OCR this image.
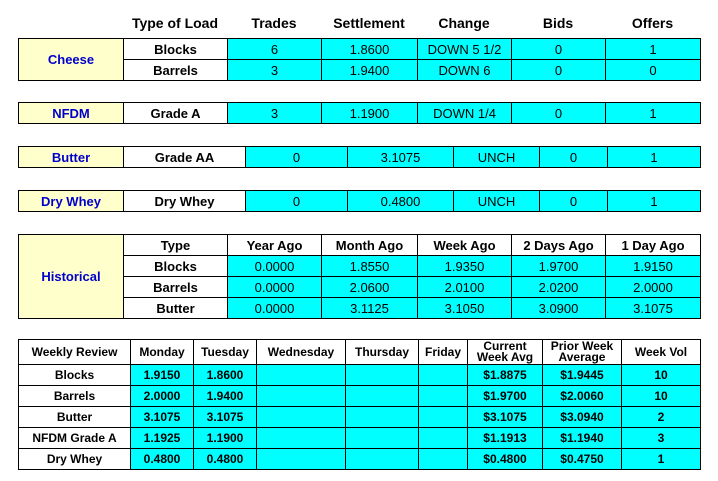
	Type of Load	Trades	Settlement	Change	Bids	Offers
Cheese	Blocks	6	1.8600	DOWN 5 1/2	0	1
	Barrels	3	1.9400	DOWN 6	0	0
NFDM	Grade A	3	1.1900	DOWN 1/4	0	1
Butter	Grade AA	0	3.1075	UNCH	0	1
Dry Whey	Dry Whey	0	0.4800	UNCH	0	1
Historical	Type	Year Ago	Month Ago	Week Ago	2 Days Ago	1 Day Ago
	Blocks	0.0000	1.8550	1.9350	1.9700	1.9150
	Barrels	0.0000	2.0600	2.0100	2.0200	2.0000
	Butter	0.0000	3.1125	3.1050	3.0900	3.1075
Weekly Review	Monday	Tuesday	Wednesday	Thursday	Friday	Current Week Avg	Prior Week Average	Week Vol
Blocks	1.9150	1.8600				$1.8875	$1.9445	10
Barrels	2.0000	1.9400				$1.9700	$2.0060	10
Butter	3.1075	3.1075				$3.1075	$3.0940	2
NFDM Grade A	1.1925	1.1900				$1.1913	$1.1940	3
Dry Whey	0.4800	0.4800				$0.4800	$0.4750	1
